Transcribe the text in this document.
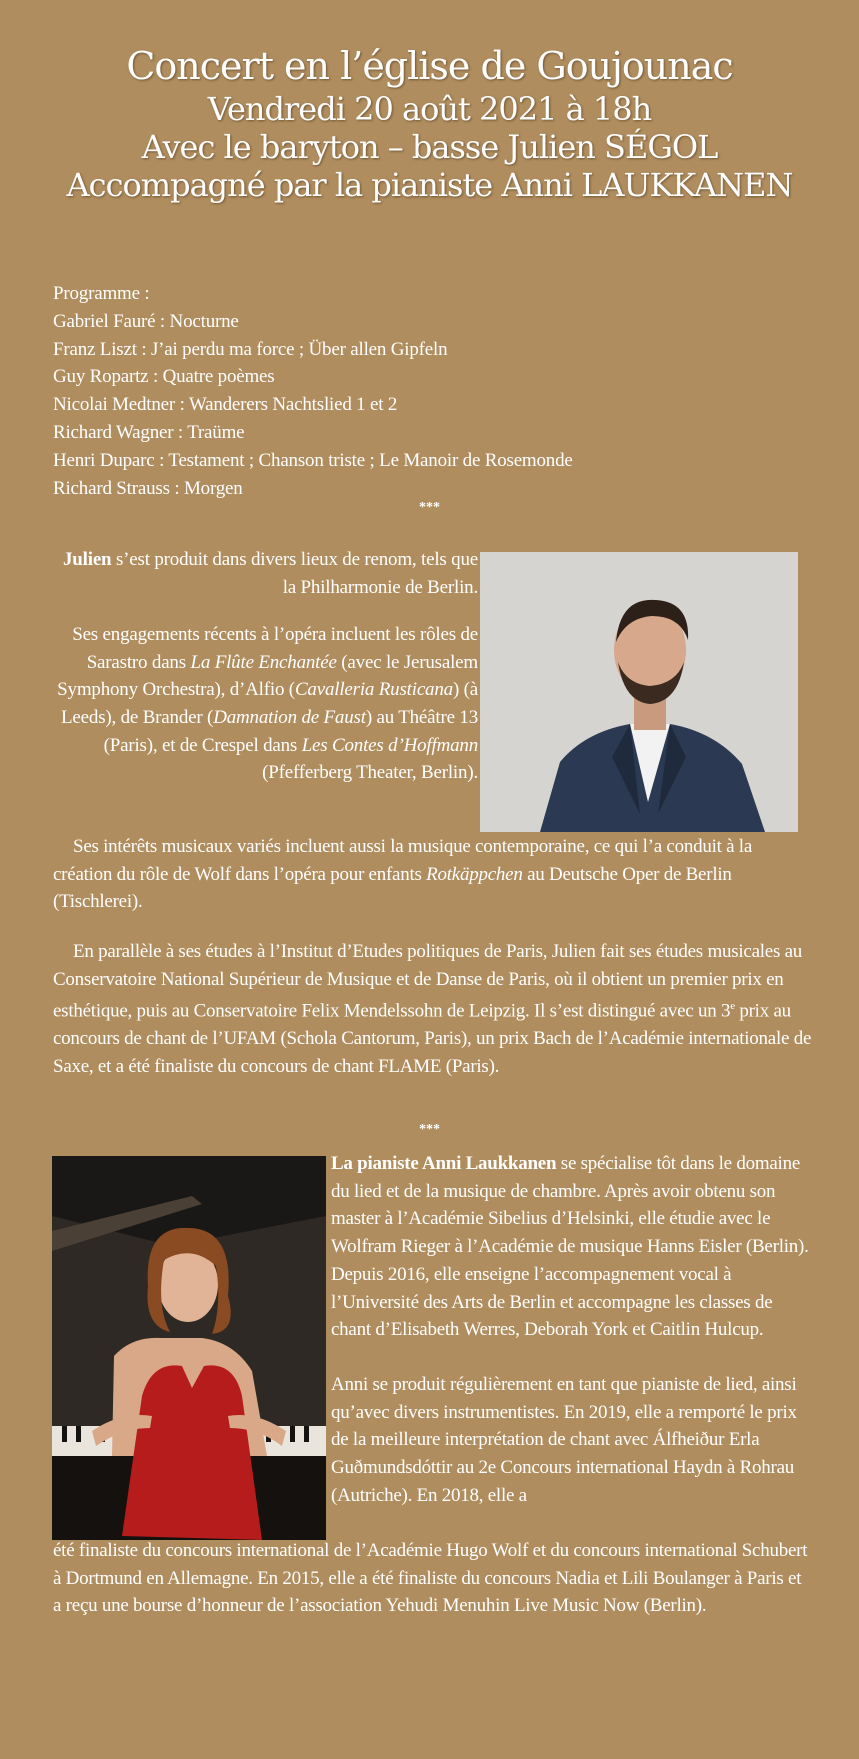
Concert en l’église de Goujounac
Vendredi 20 août 2021 à 18h
Avec le baryton – basse Julien SÉGOL
Accompagné par la pianiste Anni LAUKKANEN
Programme :
Gabriel Fauré : Nocturne
Franz Liszt : J’ai perdu ma force ; Über allen Gipfeln
Guy Ropartz : Quatre poèmes
Nicolai Medtner : Wanderers Nachtslied 1 et 2
Richard Wagner : Traüme
Henri Duparc : Testament ; Chanson triste ; Le Manoir de Rosemonde
Richard Strauss : Morgen
***

Julien s’est produit dans divers lieux de renom, tels que la Philharmonie de Berlin.

Ses engagements récents à l’opéra incluent les rôles de Sarastro dans La Flûte Enchantée (avec le Jerusalem Symphony Orchestra), d’Alfio (Cavalleria Rusticana) (à Leeds), de Brander (Damnation de Faust) au Théâtre 13 (Paris), et de Crespel dans Les Contes d’Hoffmann (Pfefferberg Theater, Berlin).

Ses intérêts musicaux variés incluent aussi la musique contemporaine, ce qui l’a conduit à la création du rôle de Wolf dans l’opéra pour enfants Rotkäppchen au Deutsche Oper de Berlin (Tischlerei).
En parallèle à ses études à l’Institut d’Etudes politiques de Paris, Julien fait ses études musicales au Conservatoire National Supérieur de Musique et de Danse de Paris, où il obtient un premier prix en esthétique, puis au Conservatoire Felix Mendelssohn de Leipzig. Il s’est distingué avec un 3e prix au concours de chant de l’UFAM (Schola Cantorum, Paris), un prix Bach de l’Académie internationale de Saxe, et a été finaliste du concours de chant FLAME (Paris).
***

La pianiste Anni Laukkanen se spécialise tôt dans le domaine du lied et de la musique de chambre. Après avoir obtenu son master à l’Académie Sibelius d’Helsinki, elle étudie avec le Wolfram Rieger à l’Académie de musique Hanns Eisler (Berlin). Depuis 2016, elle enseigne l’accompagnement vocal à l’Université des Arts de Berlin et accompagne les classes de chant d’Elisabeth Werres, Deborah York et Caitlin Hulcup.

Anni se produit régulièrement en tant que pianiste de lied, ainsi qu’avec divers instrumentistes. En 2019, elle a remporté le prix de la meilleure interprétation de chant avec Álfheiður Erla Guðmundsdóttir au 2e Concours international Haydn à Rohrau (Autriche). En 2018, elle a

été finaliste du concours international de l’Académie Hugo Wolf et du concours international Schubert à Dortmund en Allemagne. En 2015, elle a été finaliste du concours Nadia et Lili Boulanger à Paris et a reçu une bourse d’honneur de l’association Yehudi Menuhin Live Music Now (Berlin).
